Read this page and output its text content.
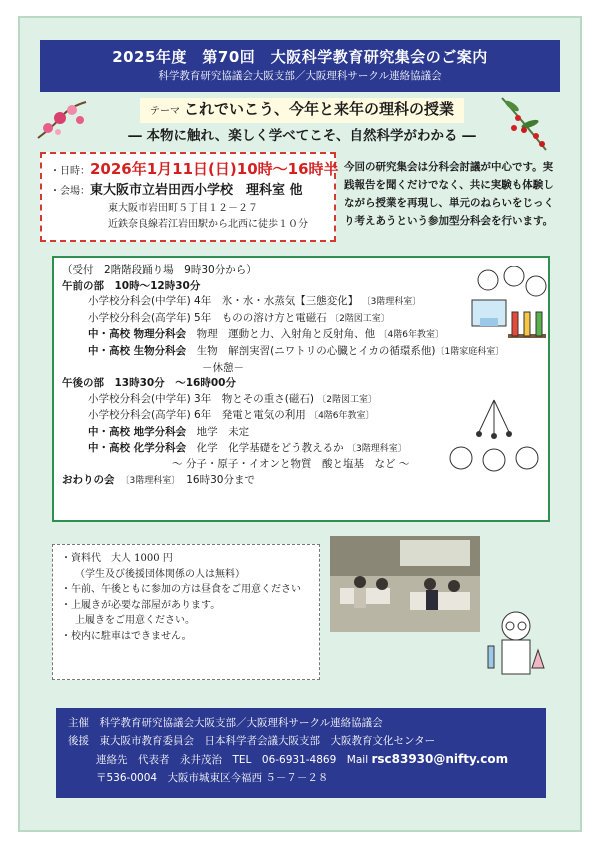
2025年度　第70回　大阪科学教育研究集会のご案内
科学教育研究協議会大阪支部／大阪理科サークル連絡協議会
テーマ これでいこう、今年と来年の理科の授業
― 本物に触れ、楽しく学べてこそ、自然科学がわかる ―
・日時：2026年1月11日(日)10時～16時半
・会場：東大阪市立岩田西小学校　理科室 他
東大阪市岩田町５丁目１２－２７
近鉄奈良線若江岩田駅から北西に徒歩１０分
今回の研究集会は分科会討議が中心です。実践報告を聞くだけでなく、共に実験も体験しながら授業を再現し、単元のねらいをじっくり考えあうという参加型分科会を行います。
（受付　2階階段踊り場　9時30分から）
午前の部　10時～12時30分
小学校分科会(中学年) 4年　氷・水・水蒸気【三態変化】 〔3階理科室〕
小学校分科会(高学年) 5年　ものの溶け方と電磁石 〔2階図工室〕
中・高校 物理分科会　 物理　運動と力、入射角と反射角、他 〔4階6年教室〕
中・高校 生物分科会　 生物　解剖実習(ニワトリの心臓とイカの循環系他)〔1階家庭科室〕
－休憩－
午後の部　13時30分　～16時00分
小学校分科会(中学年) 3年　物とその重さ(磁石) 〔2階図工室〕
小学校分科会(高学年) 6年　発電と電気の利用 〔4階6年教室〕
中・高校 地学分科会　 地学　未定
中・高校 化学分科会　 化学　化学基礎をどう教えるか 〔3階理科室〕
～ 分子・原子・イオンと物質　酸と塩基　など ～
おわりの会　 〔3階理科室〕　 16時30分まで
・資料代　大人 1000 円
（学生及び後援団体関係の人は無料）
・午前、午後ともに参加の方は昼食をご用意ください
・上履きが必要な部屋があります。
上履きをご用意ください。
・校内に駐車はできません。
主催　科学教育研究協議会大阪支部／大阪理科サークル連絡協議会
後援　東大阪市教育委員会　日本科学者会議大阪支部　大阪教育文化センター
連絡先　代表者　 永井茂治　 TEL　06-6931-4869　 Mail rsc83930@nifty.com
〒536-0004　大阪市城東区今福西 ５－７－２８
